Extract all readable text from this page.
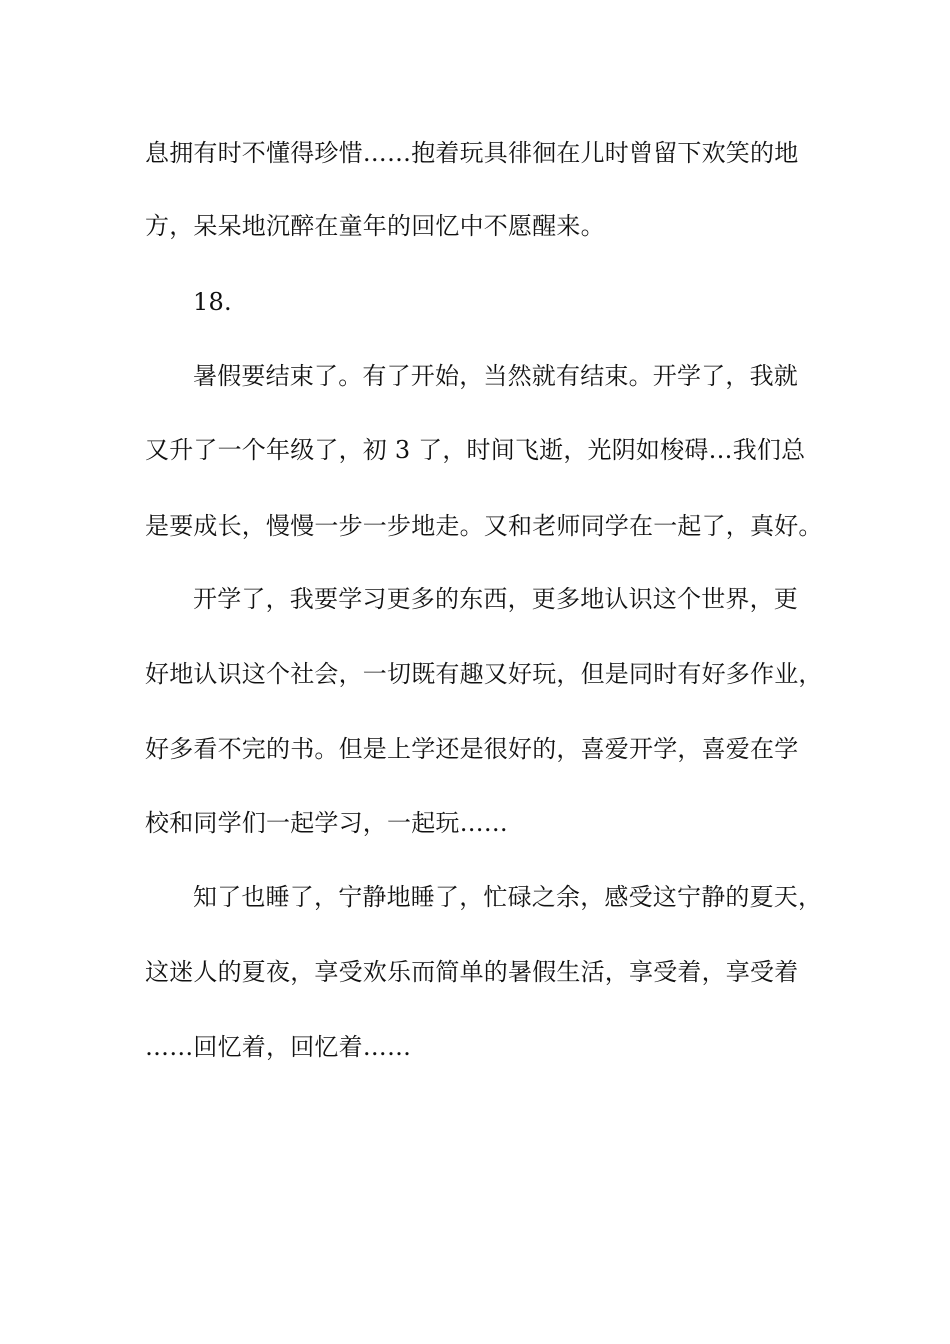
息拥有时不懂得珍惜……抱着玩具徘徊在儿时曾留下欢笑的地
方，呆呆地沉醉在童年的回忆中不愿醒来。
18.
暑假要结束了。有了开始，当然就有结束。开学了，我就
又升了一个年级了，初 3 了，时间飞逝，光阴如梭碍…我们总
是要成长，慢慢一步一步地走。又和老师同学在一起了，真好。
开学了，我要学习更多的东西，更多地认识这个世界，更
好地认识这个社会，一切既有趣又好玩，但是同时有好多作业，
好多看不完的书。但是上学还是很好的，喜爱开学，喜爱在学
校和同学们一起学习，一起玩……
知了也睡了，宁静地睡了，忙碌之余，感受这宁静的夏天，
这迷人的夏夜，享受欢乐而简单的暑假生活，享受着，享受着
……回忆着，回忆着……
